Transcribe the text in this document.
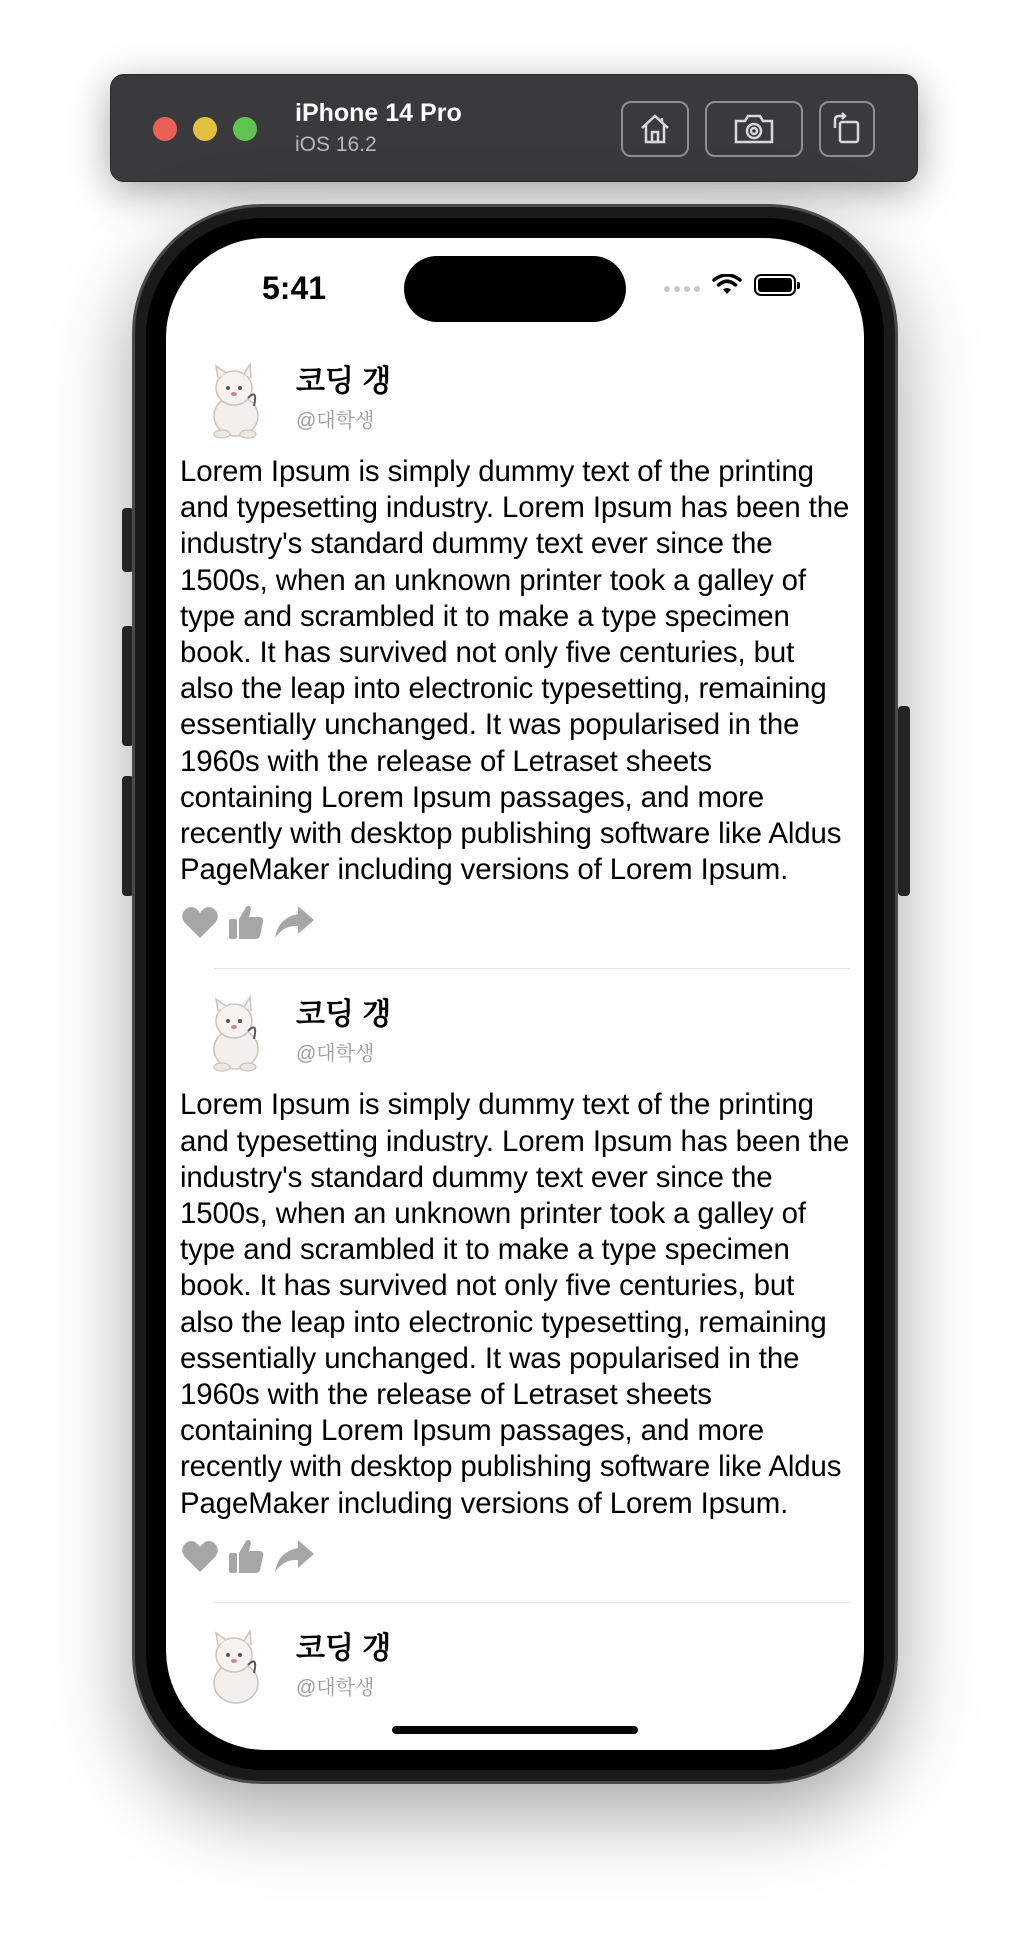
iPhone 14 Pro
iOS 16.2
5:41
코딩 갱
@대학생
Lorem Ipsum is simply dummy text of the printing and typesetting industry. Lorem Ipsum has been the industry's standard dummy text ever since the 1500s, when an unknown printer took a galley of type and scrambled it to make a type specimen book. It has survived not only five centuries, but also the leap into electronic typesetting, remaining essentially unchanged. It was popularised in the 1960s with the release of Letraset sheets containing Lorem Ipsum passages, and more recently with desktop publishing software like Aldus PageMaker including versions of Lorem Ipsum.
코딩 갱
@대학생
Lorem Ipsum is simply dummy text of the printing and typesetting industry. Lorem Ipsum has been the industry's standard dummy text ever since the 1500s, when an unknown printer took a galley of type and scrambled it to make a type specimen book. It has survived not only five centuries, but also the leap into electronic typesetting, remaining essentially unchanged. It was popularised in the 1960s with the release of Letraset sheets containing Lorem Ipsum passages, and more recently with desktop publishing software like Aldus PageMaker including versions of Lorem Ipsum.
코딩 갱
@대학생
